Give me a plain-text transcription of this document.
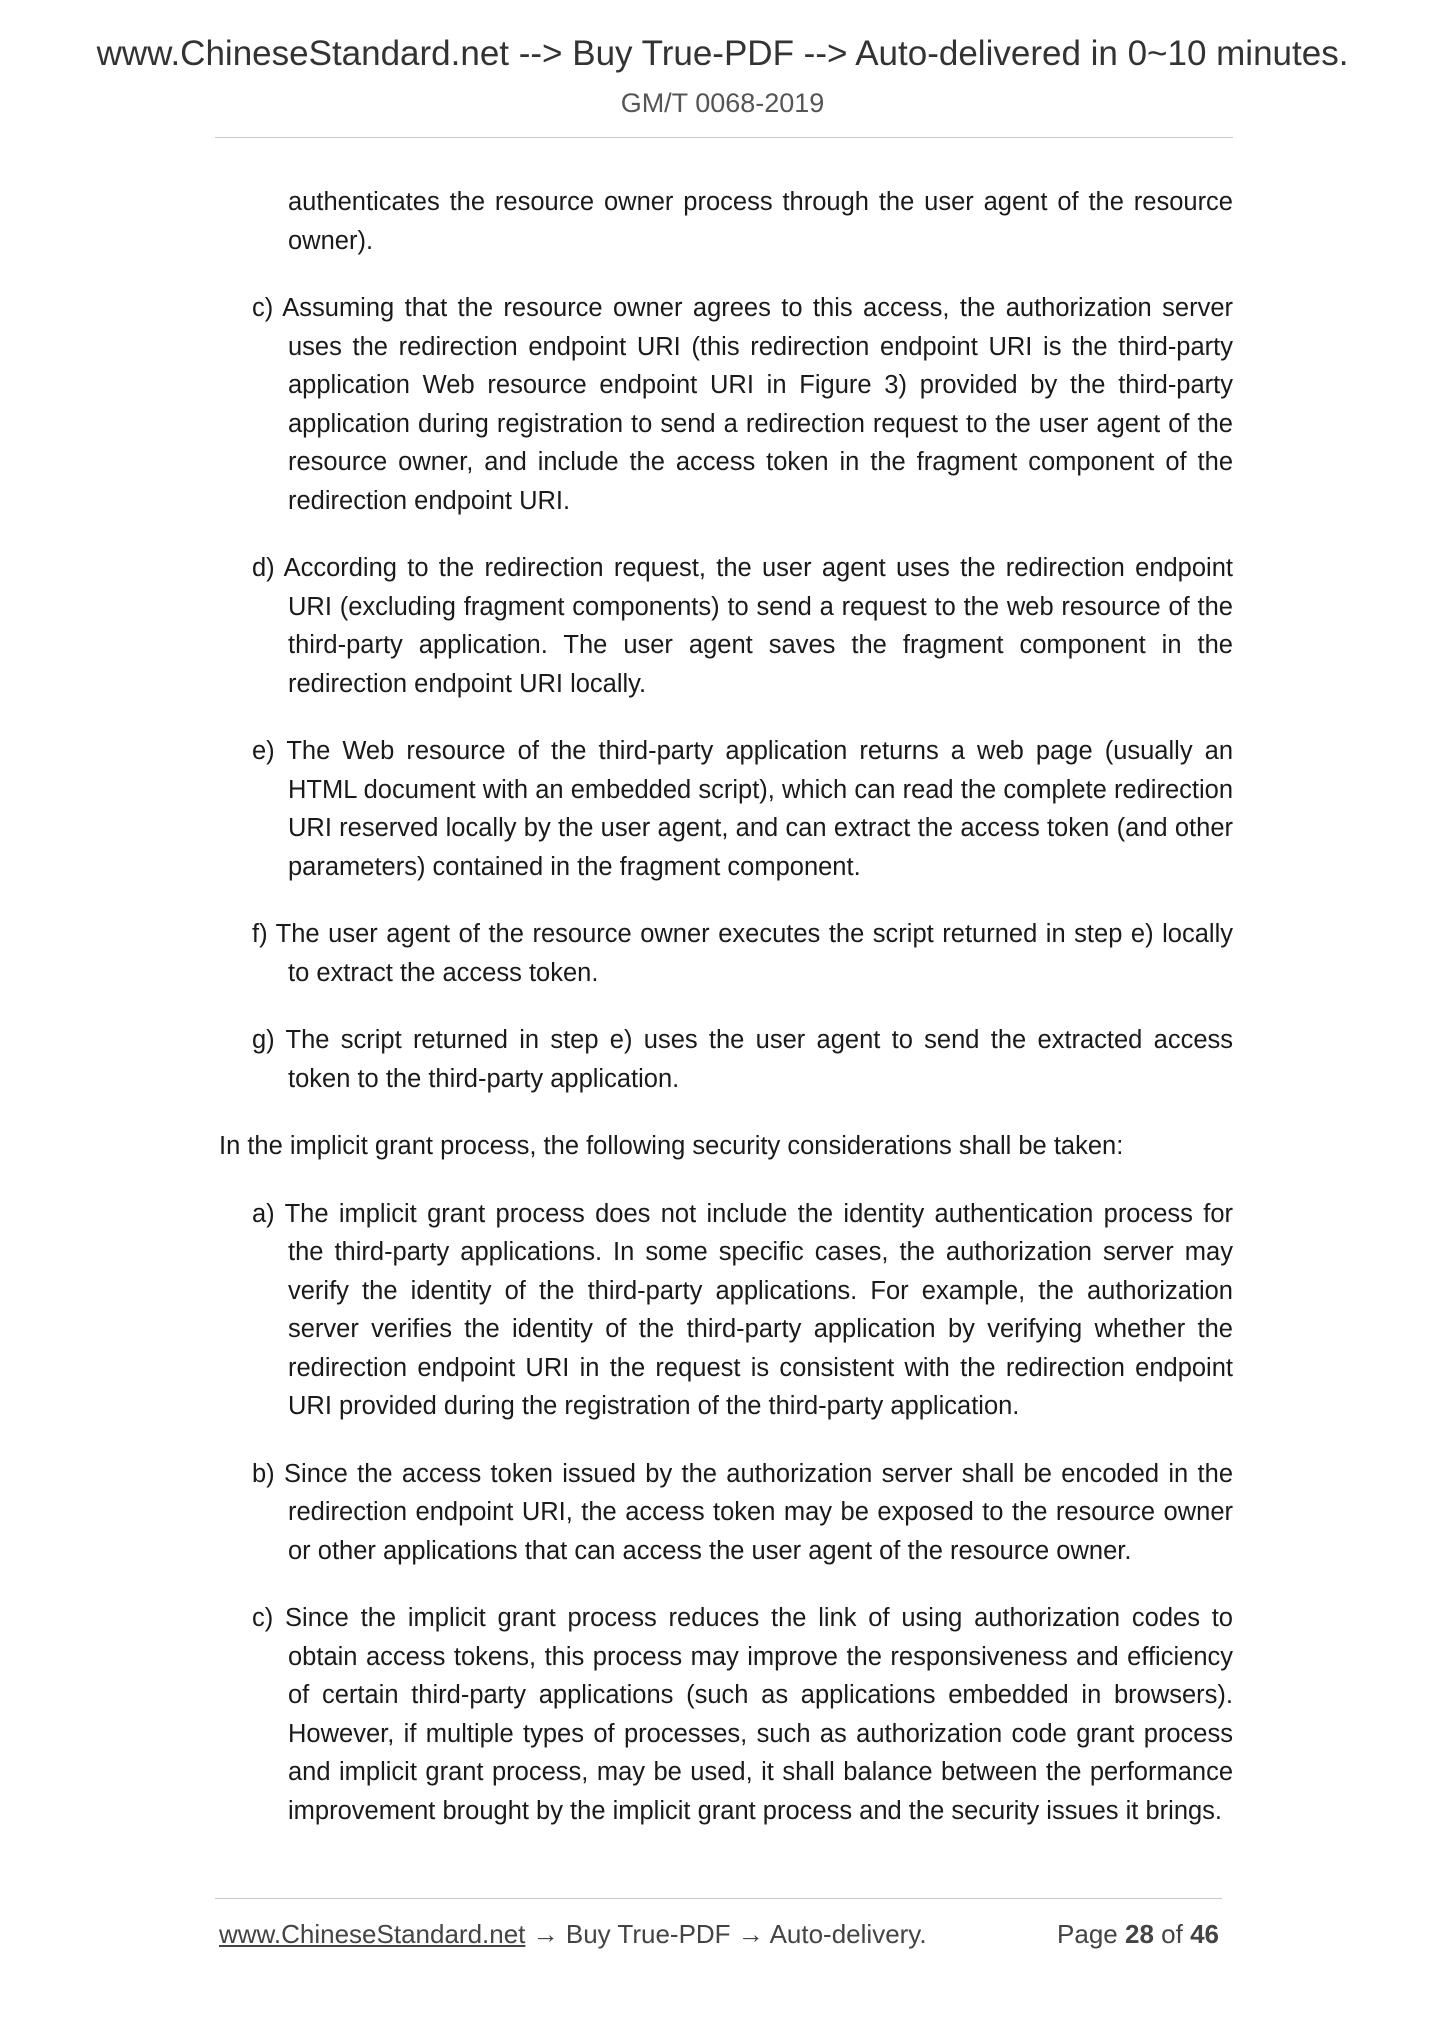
www.ChineseStandard.net --> Buy True-PDF --> Auto-delivered in 0~10 minutes.
GM/T 0068-2019

authenticates the resource owner process through the user agent of the resource owner).

c) Assuming that the resource owner agrees to this access, the authorization server uses the redirection endpoint URI (this redirection endpoint URI is the third-party application Web resource endpoint URI in Figure 3) provided by the third-party application during registration to send a redirection request to the user agent of the resource owner, and include the access token in the fragment component of the redirection endpoint URI.

d) According to the redirection request, the user agent uses the redirection endpoint URI (excluding fragment components) to send a request to the web resource of the third-party application. The user agent saves the fragment component in the redirection endpoint URI locally.

e) The Web resource of the third-party application returns a web page (usually an HTML document with an embedded script), which can read the complete redirection URI reserved locally by the user agent, and can extract the access token (and other parameters) contained in the fragment component.

f) The user agent of the resource owner executes the script returned in step e) locally to extract the access token.

g) The script returned in step e) uses the user agent to send the extracted access token to the third-party application.

In the implicit grant process, the following security considerations shall be taken:

a) The implicit grant process does not include the identity authentication process for the third-party applications. In some specific cases, the authorization server may verify the identity of the third-party applications. For example, the authorization server verifies the identity of the third-party application by verifying whether the redirection endpoint URI in the request is consistent with the redirection endpoint URI provided during the registration of the third-party application.

b) Since the access token issued by the authorization server shall be encoded in the redirection endpoint URI, the access token may be exposed to the resource owner or other applications that can access the user agent of the resource owner.

c) Since the implicit grant process reduces the link of using authorization codes to obtain access tokens, this process may improve the responsiveness and efficiency of certain third-party applications (such as applications embedded in browsers). However, if multiple types of processes, such as authorization code grant process and implicit grant process, may be used, it shall balance between the performance improvement brought by the implicit grant process and the security issues it brings.

www.ChineseStandard.net → Buy True-PDF → Auto-delivery.	Page 28 of 46
